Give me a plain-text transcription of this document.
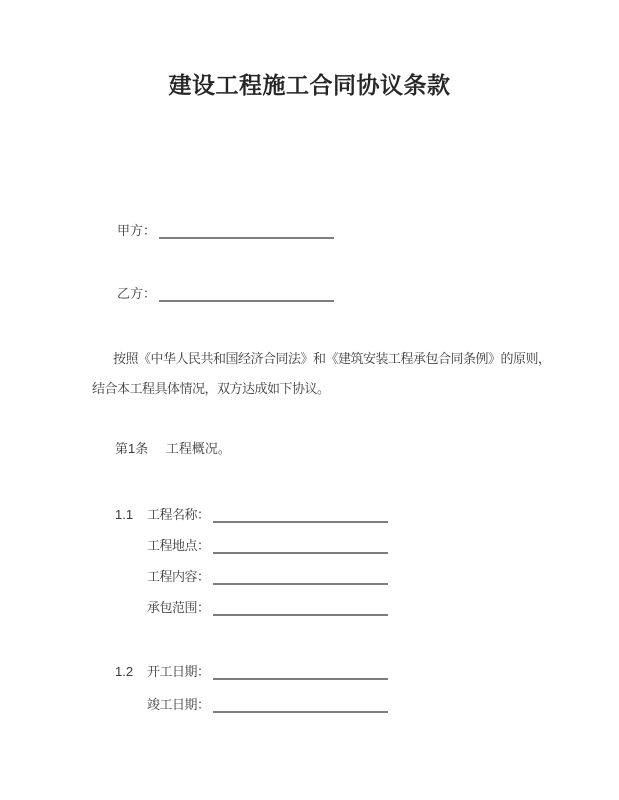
建设工程施工合同协议条款
甲方：
乙方：
按照《中华人民共和国经济合同法》和《建筑安装工程承包合同条例》的原则，
结合本工程具体情况，双方达成如下协议。
第1条 工程概况。
1.1	工程名称：
工程地点：
工程内容：
承包范围：
1.2	开工日期：
竣工日期：
